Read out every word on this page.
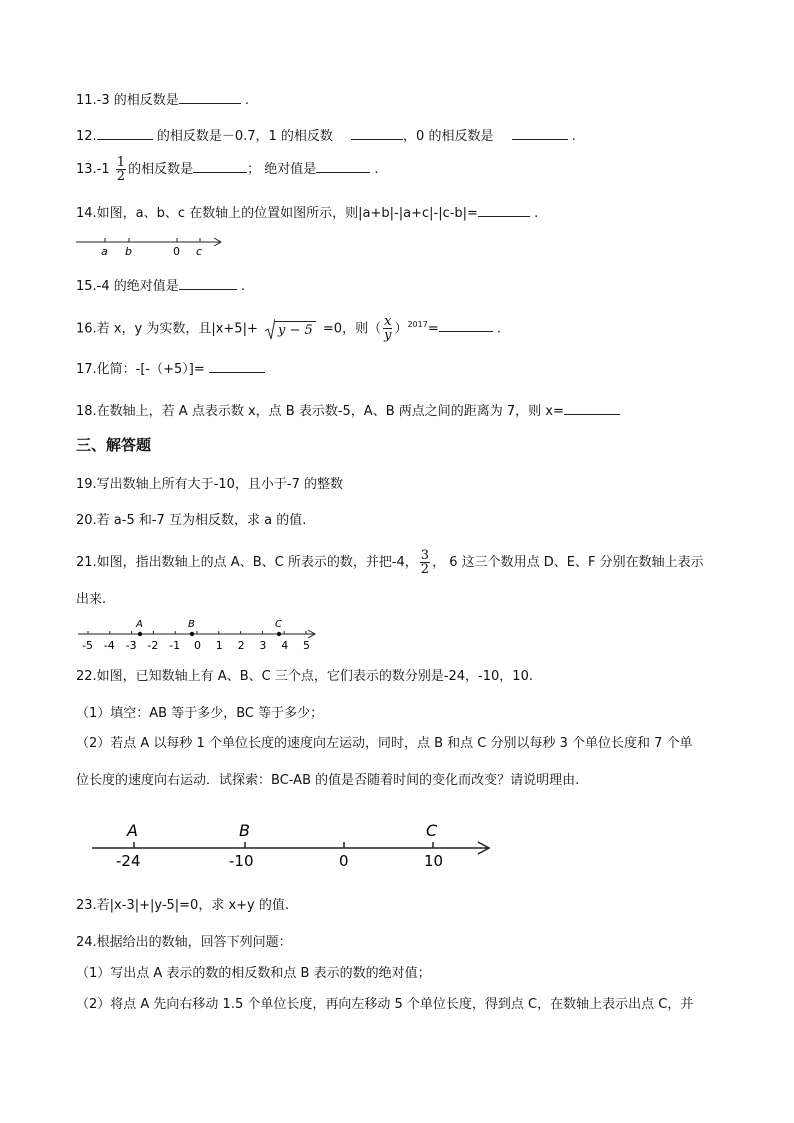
11.-3 的相反数是	.
12.	的相反数是－0.7，1 的相反数	，0 的相反数是	.
$13.-1 \frac{1}{2}$ 的相反数是	； 绝对值是	.
14.如图，a、b、c 在数轴上的位置如图所示，则|a+b|-|a+c|-|c-b|=	.
a b	0 c
15.-4 的绝对值是	.
16.若 x，y 为实数，且|x+5|+ y − 5 =0，则（ $\frac{x}{y} )^{2017}=$	.
17.化简：-[-（+5）]=
18.在数轴上，若 A 点表示数 x，点 B 表示数-5，A、B 两点之间的距离为 7，则 x=
三、解答题
19.写出数轴上所有大于-10，且小于-7 的整数
20.若 a-5 和-7 互为相反数，求 a 的值.
21.如图，指出数轴上的点 A、B、C 所表示的数，并把-4， $\frac{3}{2}$ ， 6 这三个数用点 D、E、F 分别在数轴上表示
出来.
-5 -4 -3 -2 -1 0 1 2 3 4 5
A	B	C
22.如图，已知数轴上有 A、B、C 三个点，它们表示的数分别是-24，-10，10.
（1）填空：AB 等于多少，BC 等于多少；
（2）若点 A 以每秒 1 个单位长度的速度向左运动，同时，点 B 和点 C 分别以每秒 3 个单位长度和 7 个单
位长度的速度向右运动．试探索：BC-AB 的值是否随着时间的变化而改变？请说明理由.
A	B	C
-24	-10	0	10
23.若|x-3|+|y-5|=0，求 x+y 的值.
24.根据给出的数轴，回答下列问题：
（1）写出点 A 表示的数的相反数和点 B 表示的数的绝对值；
（2）将点 A 先向右移动 1.5 个单位长度，再向左移动 5 个单位长度，得到点 C，在数轴上表示出点 C，并
